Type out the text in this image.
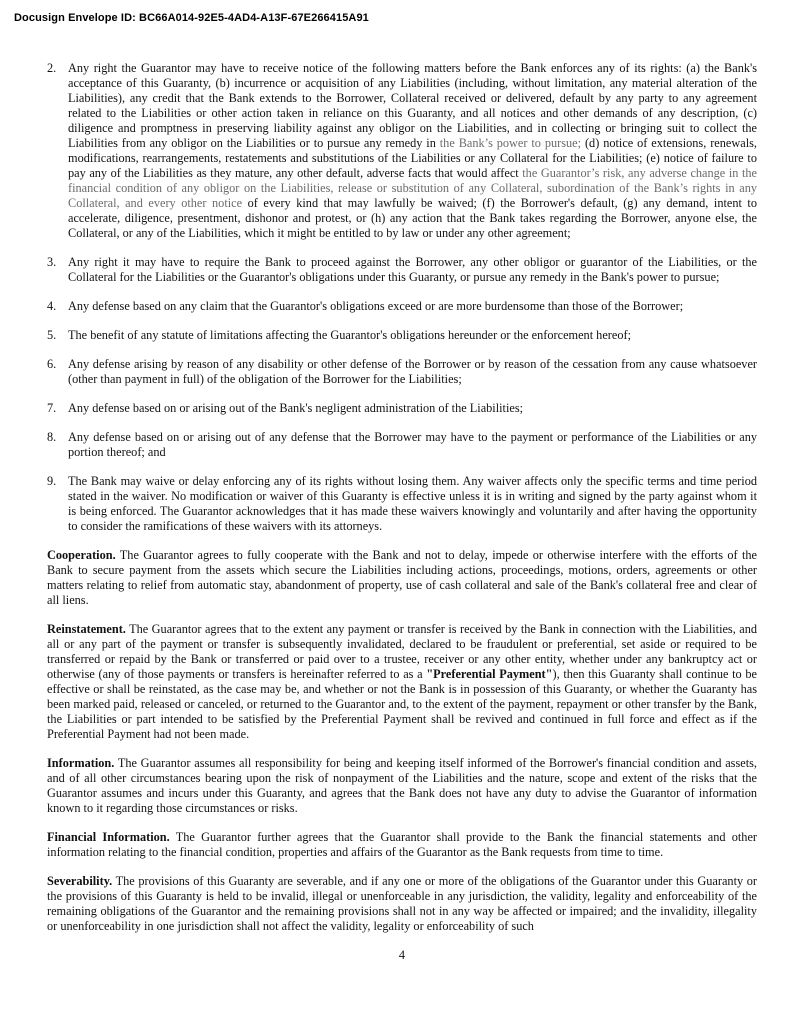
Docusign Envelope ID: BC66A014-92E5-4AD4-A13F-67E266415A91
2. Any right the Guarantor may have to receive notice of the following matters before the Bank enforces any of its rights: (a) the Bank's acceptance of this Guaranty, (b) incurrence or acquisition of any Liabilities (including, without limitation, any material alteration of the Liabilities), any credit that the Bank extends to the Borrower, Collateral received or delivered, default by any party to any agreement related to the Liabilities or other action taken in reliance on this Guaranty, and all notices and other demands of any description, (c) diligence and promptness in preserving liability against any obligor on the Liabilities, and in collecting or bringing suit to collect the Liabilities from any obligor on the Liabilities or to pursue any remedy in the Bank’s power to pursue; (d) notice of extensions, renewals, modifications, rearrangements, restatements and substitutions of the Liabilities or any Collateral for the Liabilities; (e) notice of failure to pay any of the Liabilities as they mature, any other default, adverse facts that would affect the Guarantor’s risk, any adverse change in the financial condition of any obligor on the Liabilities, release or substitution of any Collateral, subordination of the Bank’s rights in any Collateral, and every other notice of every kind that may lawfully be waived; (f) the Borrower's default, (g) any demand, intent to accelerate, diligence, presentment, dishonor and protest, or (h) any action that the Bank takes regarding the Borrower, anyone else, the Collateral, or any of the Liabilities, which it might be entitled to by law or under any other agreement;
3. Any right it may have to require the Bank to proceed against the Borrower, any other obligor or guarantor of the Liabilities, or the Collateral for the Liabilities or the Guarantor's obligations under this Guaranty, or pursue any remedy in the Bank's power to pursue;
4. Any defense based on any claim that the Guarantor's obligations exceed or are more burdensome than those of the Borrower;
5. The benefit of any statute of limitations affecting the Guarantor's obligations hereunder or the enforcement hereof;
6. Any defense arising by reason of any disability or other defense of the Borrower or by reason of the cessation from any cause whatsoever (other than payment in full) of the obligation of the Borrower for the Liabilities;
7. Any defense based on or arising out of the Bank's negligent administration of the Liabilities;
8. Any defense based on or arising out of any defense that the Borrower may have to the payment or performance of the Liabilities or any portion thereof; and
9. The Bank may waive or delay enforcing any of its rights without losing them. Any waiver affects only the specific terms and time period stated in the waiver. No modification or waiver of this Guaranty is effective unless it is in writing and signed by the party against whom it is being enforced. The Guarantor acknowledges that it has made these waivers knowingly and voluntarily and after having the opportunity to consider the ramifications of these waivers with its attorneys.
Cooperation. The Guarantor agrees to fully cooperate with the Bank and not to delay, impede or otherwise interfere with the efforts of the Bank to secure payment from the assets which secure the Liabilities including actions, proceedings, motions, orders, agreements or other matters relating to relief from automatic stay, abandonment of property, use of cash collateral and sale of the Bank's collateral free and clear of all liens.
Reinstatement. The Guarantor agrees that to the extent any payment or transfer is received by the Bank in connection with the Liabilities, and all or any part of the payment or transfer is subsequently invalidated, declared to be fraudulent or preferential, set aside or required to be transferred or repaid by the Bank or transferred or paid over to a trustee, receiver or any other entity, whether under any bankruptcy act or otherwise (any of those payments or transfers is hereinafter referred to as a "Preferential Payment"), then this Guaranty shall continue to be effective or shall be reinstated, as the case may be, and whether or not the Bank is in possession of this Guaranty, or whether the Guaranty has been marked paid, released or canceled, or returned to the Guarantor and, to the extent of the payment, repayment or other transfer by the Bank, the Liabilities or part intended to be satisfied by the Preferential Payment shall be revived and continued in full force and effect as if the Preferential Payment had not been made.
Information. The Guarantor assumes all responsibility for being and keeping itself informed of the Borrower's financial condition and assets, and of all other circumstances bearing upon the risk of nonpayment of the Liabilities and the nature, scope and extent of the risks that the Guarantor assumes and incurs under this Guaranty, and agrees that the Bank does not have any duty to advise the Guarantor of information known to it regarding those circumstances or risks.
Financial Information. The Guarantor further agrees that the Guarantor shall provide to the Bank the financial statements and other information relating to the financial condition, properties and affairs of the Guarantor as the Bank requests from time to time.
Severability. The provisions of this Guaranty are severable, and if any one or more of the obligations of the Guarantor under this Guaranty or the provisions of this Guaranty is held to be invalid, illegal or unenforceable in any jurisdiction, the validity, legality and enforceability of the remaining obligations of the Guarantor and the remaining provisions shall not in any way be affected or impaired; and the invalidity, illegality or unenforceability in one jurisdiction shall not affect the validity, legality or enforceability of such
4
